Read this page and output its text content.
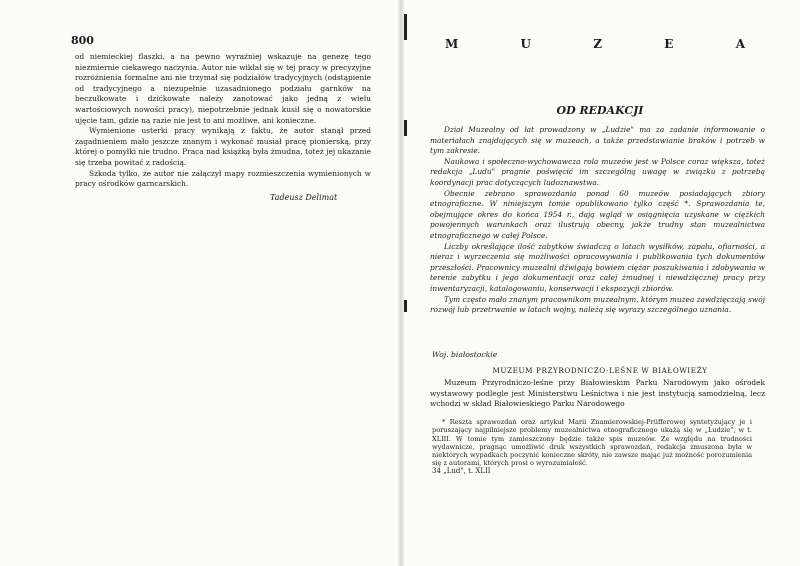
800

od niemieckiej flaszki, a na pewno wyraźniej wskazuje na genezę tego niezmiernie ciekawego naczynia. Autor nie wikłał się w tej pracy w precyzyjne rozróżnienia formalne ani nie trzymał się podziałów tradycyjnych (odstąpienie od tradycyjnego a niezupełnie uzasadnionego podziału garnków na beczułkowate i dzićkowate należy zanotować jako jedną z wielu wartościowych nowości pracy), niepotrzebnie jednak kusił się o nowatorskie ujęcie tam, gdzie na razie nie jest to ani możliwe, ani konieczne.

Wymienione usterki pracy wynikają z faktu, że autor stanął przed zagadnieniem mało jeszcze znanym i wykonać musiał pracę pionierską, przy której o pomyłki nie trudno. Praca nad książką była żmudna, toteż jej ukazanie się trzeba powitać z radością.

Szkoda tylko, że autor nie załączył mapy rozmieszczenia wymienionych w pracy ośrodków garncarskich.

Tadeusz Delimat
M	U	Z	E	A
OD REDAKCJI

Dział Muzealny od lat prowadzony w „Ludzie" ma za zadanie informowanie o materiałach znajdujących się w muzeach, a także przedstawianie braków i potrzeb w tym zakresie.

Naukowa i społeczno-wychowawcza rola muzeów jest w Polsce coraz większa, toteż redakcja „Ludu" pragnie poświęcić im szczególną uwagę w związku z potrzebą koordynacji prac dotyczących ludoznawstwa.

Obecnie zebrano sprawozdania ponad 60 muzeów posiadających zbiory etnograficzne. W niniejszym tomie opublikowano tylko część *. Sprawozdania te, obejmujące okres do końca 1954 r., dają wgląd w osiągnięcia uzyskane w ciężkich powojennych warunkach oraz ilustrują obecny, jakże trudny stan muzealnictwa etnograficznego w całej Polsce.

Liczby określające ilość zabytków świadczą o latach wysiłków, zapału, ofiarności, a nieraz i wyrzeczenia się możliwości opracowywania i publikowania tych dokumentów przeszłości. Pracownicy muzealni dźwigają bowiem ciężar poszukiwania i zdobywania w terenie zabytku i jego dokumentacji oraz całej żmudnej i niewdzięcznej pracy przy inwentaryzacji, katalogowaniu, konserwacji i ekspozycji zbiorów.

Tym często mało znanym pracownikom muzealnym, którym muzea zawdzięczają swój rozwój lub przetrwanie w latach wojny, należą się wyrazy szczególnego uznania.

Woj. białostockie
MUZEUM PRZYRODNICZO-LEŚNE W BIAŁOWIEŻY

Muzeum Przyrodniczo-leśne przy Białowieskim Parku Narodowym jako ośrodek wystawowy podlegle jest Ministerstwu Leśnictwa i nie jest instytucją samodzielną, lecz wchodzi w skład Białowieskiego Parku Narodowego

* Reszta sprawozdań oraz artykuł Marii Znamierowskiej-Prüfferowej syntetyzujący je i poruszający najpilniejsze problemy muzealnictwa etnograficznego ukażą się w „Ludzie", w t. XLIII. W tomie tym zamieszczony będzie także spis muzeów. Ze względu na trudności wydawnicze, pragnąc umożliwić druk wszystkich sprawozdań, redakcja zmuszona była w niektórych wypadkach poczynić konieczne skróty, nie zawsze mając już możność porozumienia się z autorami, których prosi o wyrozumiałość.

34 „Lud", t. XLII
